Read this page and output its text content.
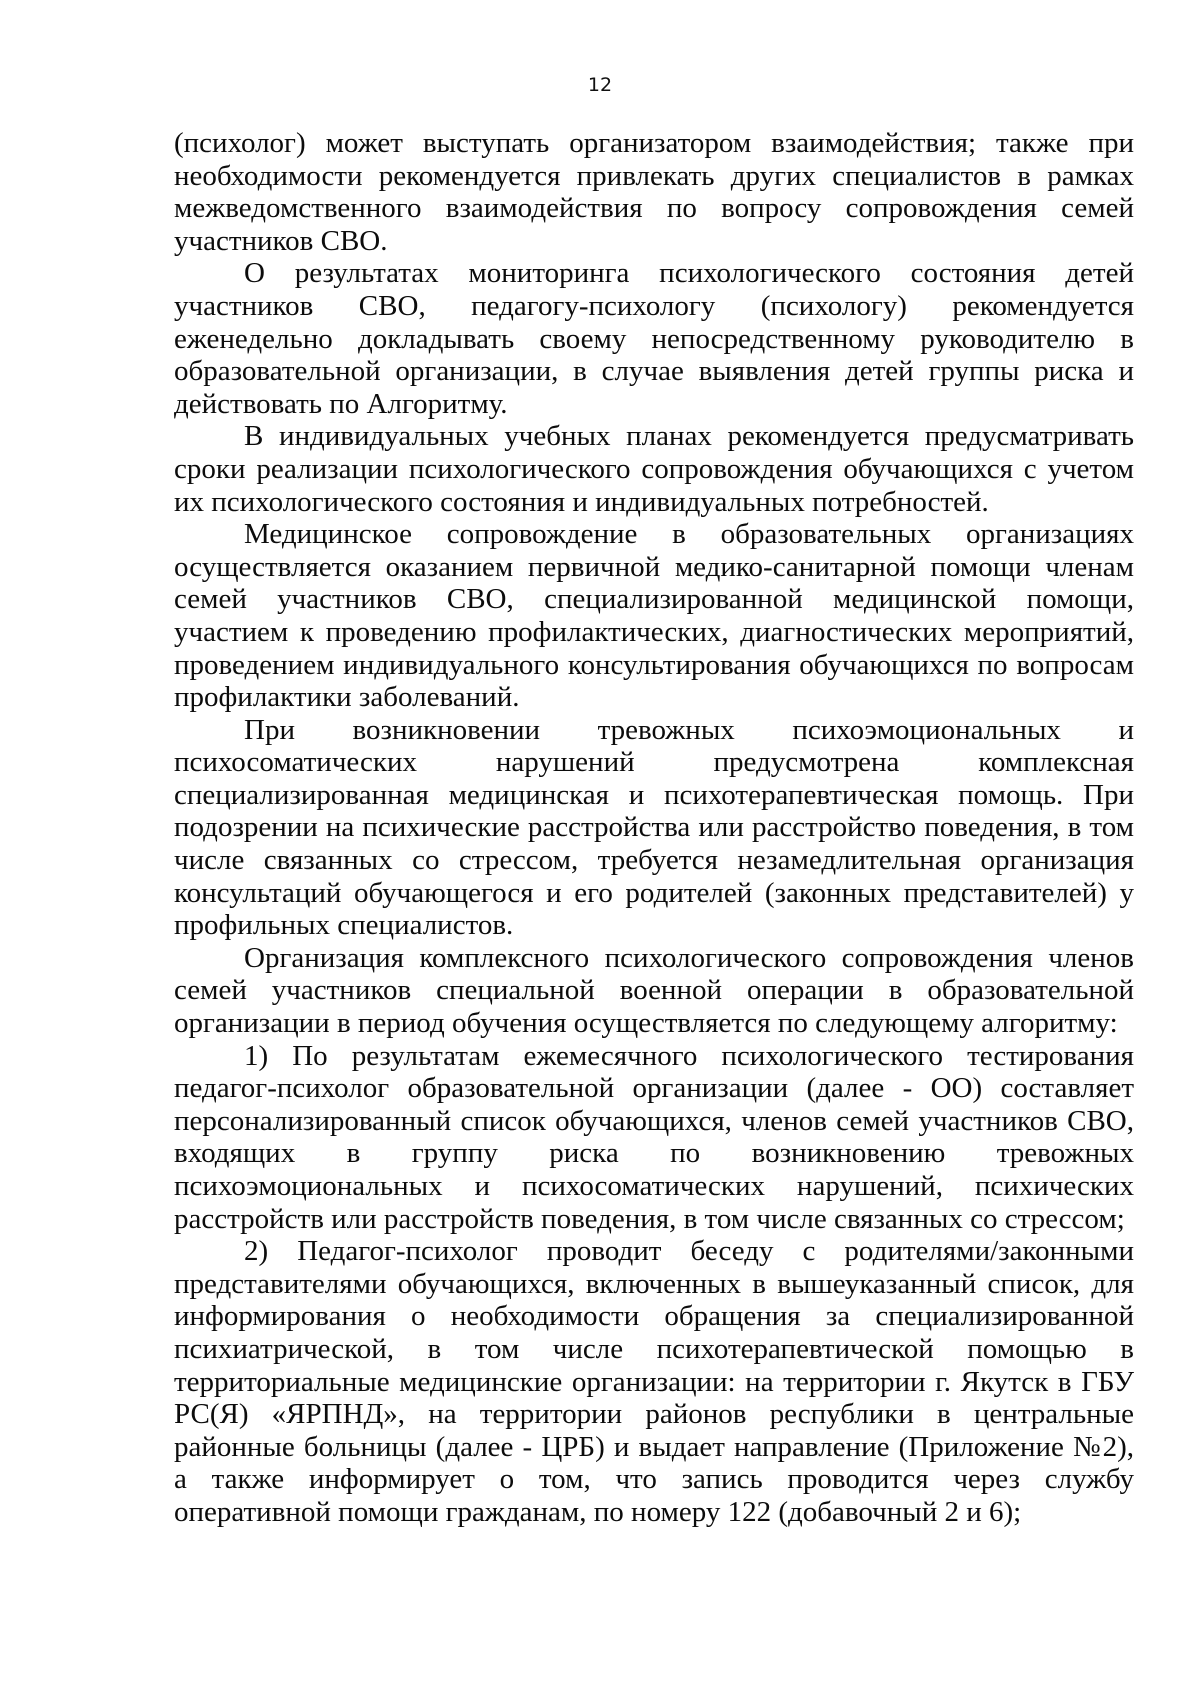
12

(психолог) может выступать организатором взаимодействия; также при необходимости рекомендуется привлекать других специалистов в рамках межведомственного взаимодействия по вопросу сопровождения семей участников СВО.

О результатах мониторинга психологического состояния детей участников СВО, педагогу-психологу (психологу) рекомендуется еженедельно докладывать своему непосредственному руководителю в образовательной организации, в случае выявления детей группы риска и действовать по Алгоритму.

В индивидуальных учебных планах рекомендуется предусматривать сроки реализации психологического сопровождения обучающихся с учетом их психологического состояния и индивидуальных потребностей.

Медицинское сопровождение в образовательных организациях осуществляется оказанием первичной медико-санитарной помощи членам семей участников СВО, специализированной медицинской помощи, участием к проведению профилактических, диагностических мероприятий, проведением индивидуального консультирования обучающихся по вопросам профилактики заболеваний.

При возникновении тревожных психоэмоциональных и психосоматических нарушений предусмотрена комплексная специализированная медицинская и психотерапевтическая помощь. При подозрении на психические расстройства или расстройство поведения, в том числе связанных со стрессом, требуется незамедлительная организация консультаций обучающегося и его родителей (законных представителей) у профильных специалистов.

Организация комплексного психологического сопровождения членов семей участников специальной военной операции в образовательной организации в период обучения осуществляется по следующему алгоритму:

1) По результатам ежемесячного психологического тестирования педагог-психолог образовательной организации (далее - ОО) составляет персонализированный список обучающихся, членов семей участников СВО, входящих в группу риска по возникновению тревожных психоэмоциональных и психосоматических нарушений, психических расстройств или расстройств поведения, в том числе связанных со стрессом;

2) Педагог-психолог проводит беседу с родителями/законными представителями обучающихся, включенных в вышеуказанный список, для информирования о необходимости обращения за специализированной психиатрической, в том числе психотерапевтической помощью в территориальные медицинские организации: на территории г. Якутск в ГБУ РС(Я) «ЯРПНД», на территории районов республики в центральные районные больницы (далее - ЦРБ) и выдает направление (Приложение №2), а также информирует о том, что запись проводится через службу оперативной помощи гражданам, по номеру 122 (добавочный 2 и 6);
